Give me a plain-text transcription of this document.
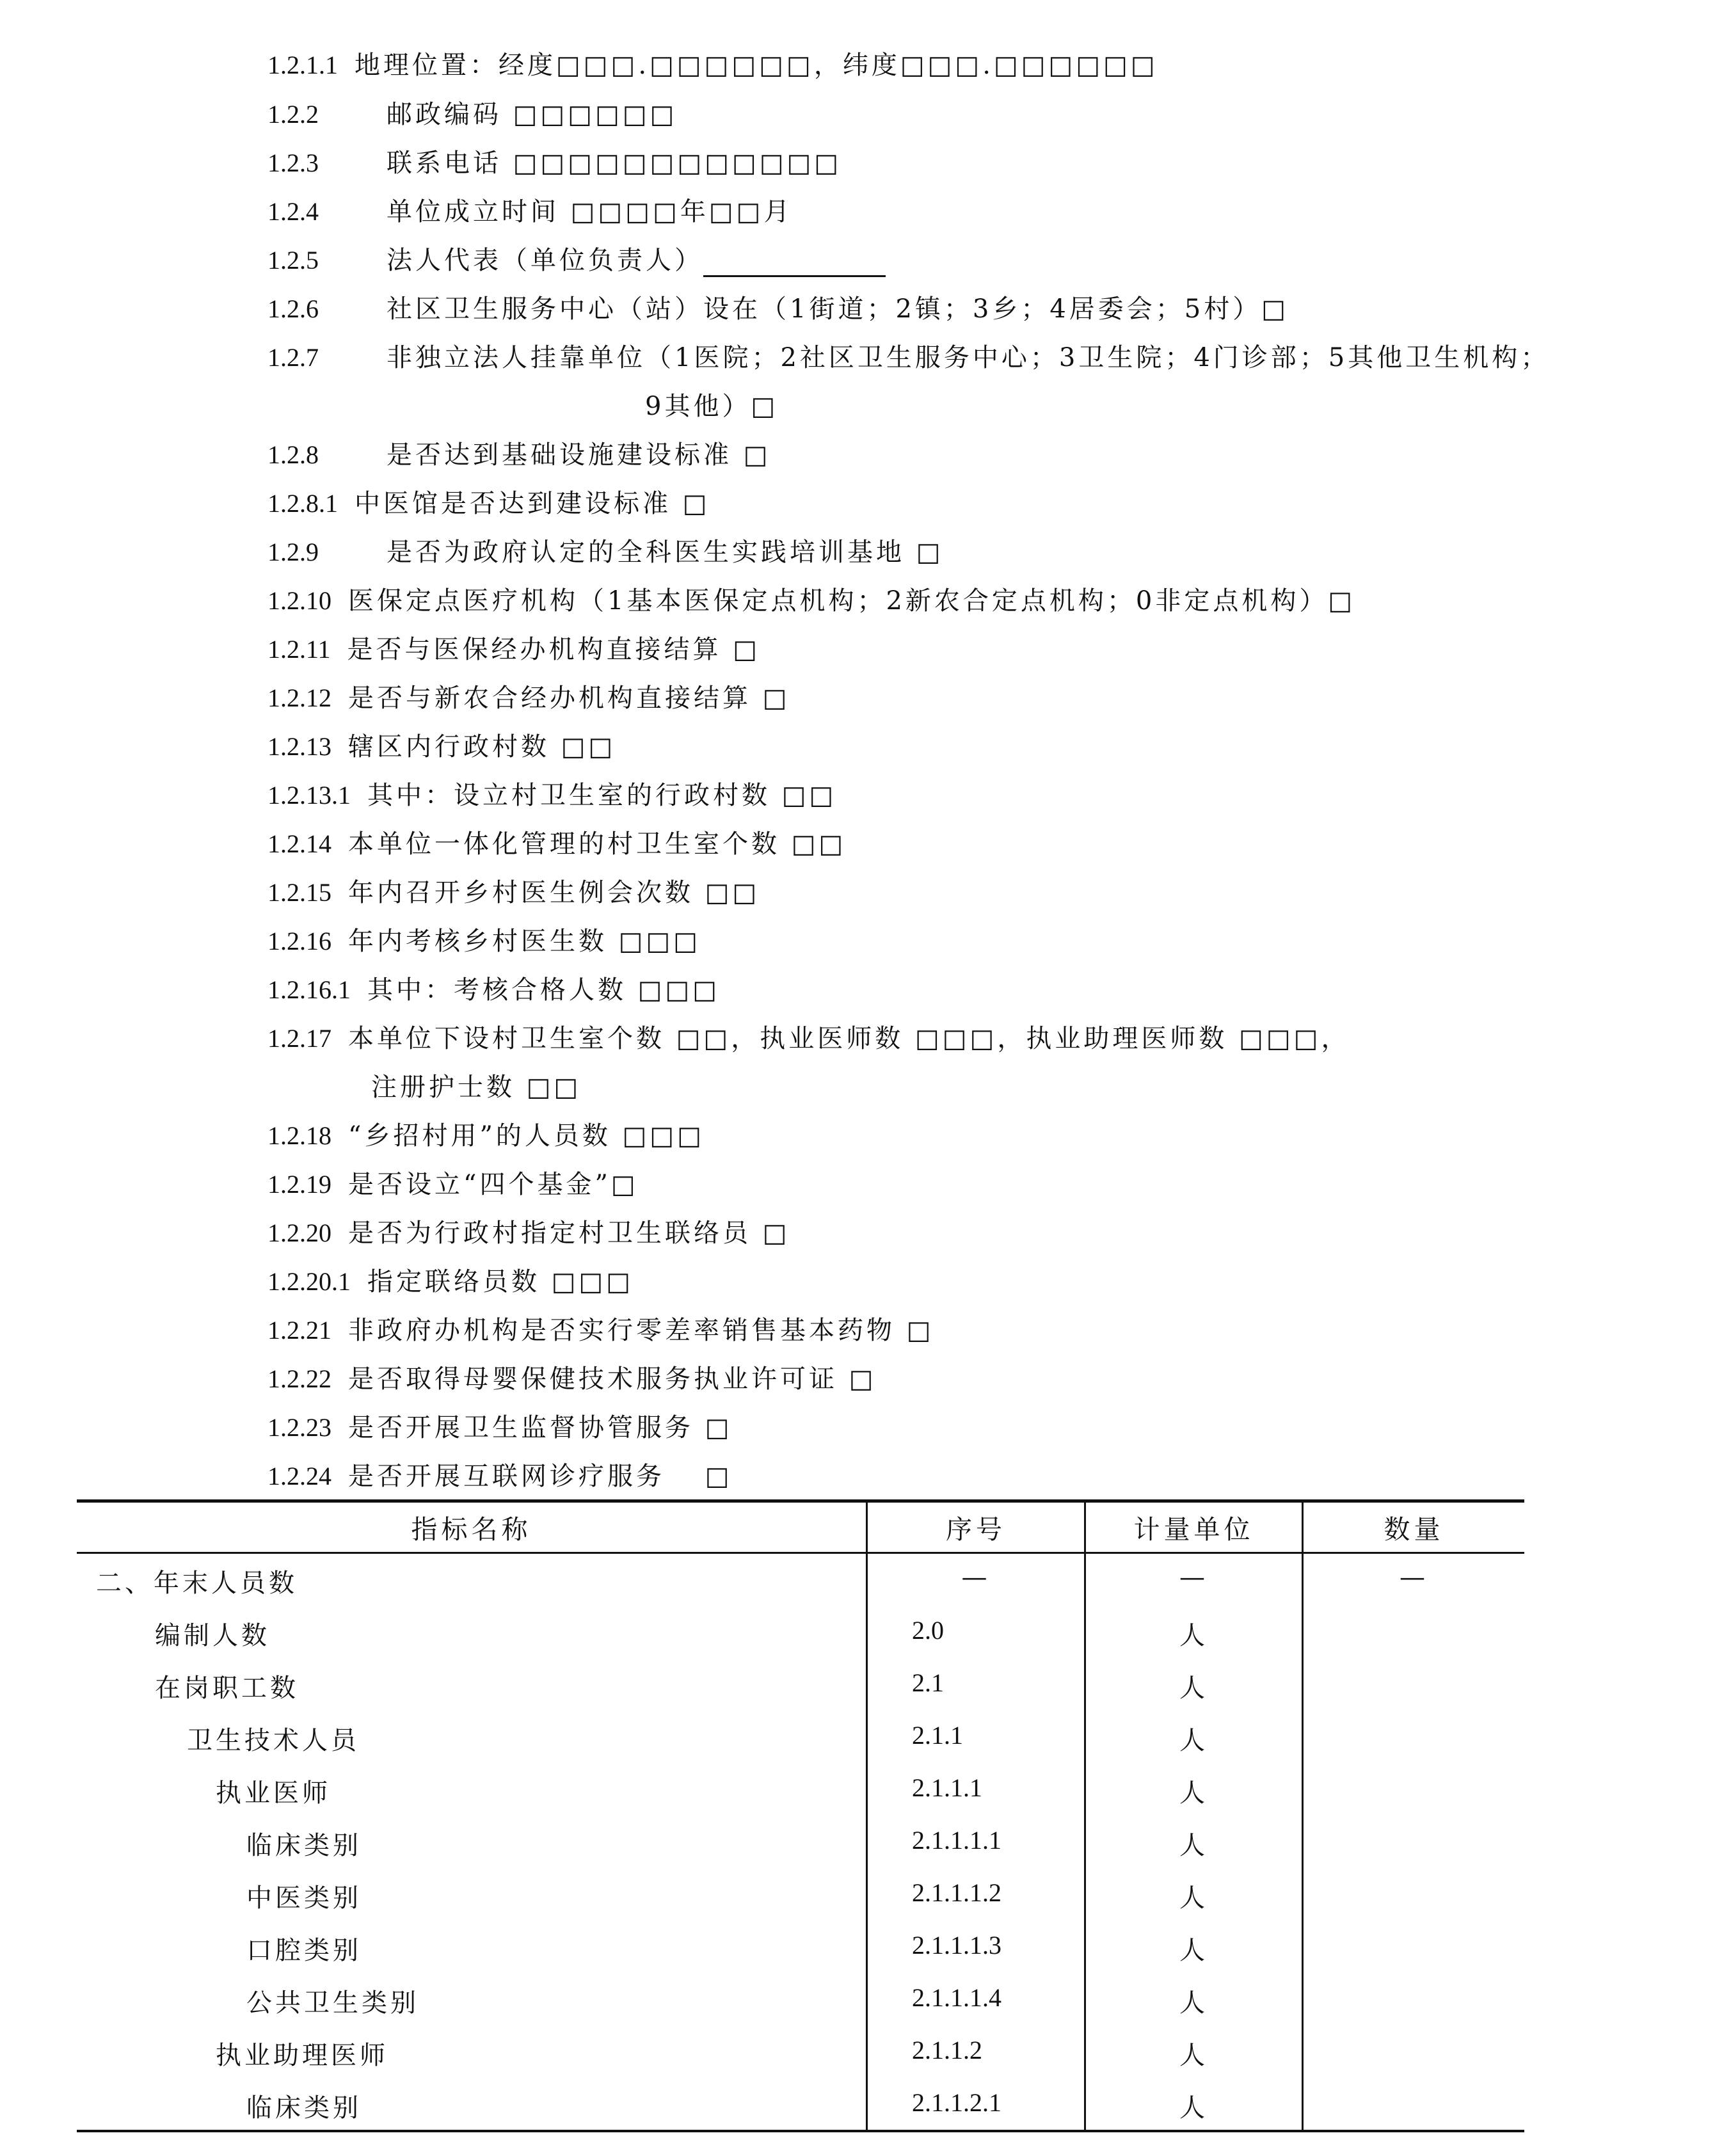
1.2.1.1 地理位置：经度□□□.□□□□□□，纬度□□□.□□□□□□
1.2.2	邮政编码 □□□□□□
1.2.3	联系电话 □□□□□□□□□□□□
1.2.4	单位成立时间 □□□□年□□月
1.2.5	法人代表（单位负责人）
1.2.6	社区卫生服务中心（站）设在（1街道；2镇；3乡；4居委会；5村）□
1.2.7	非独立法人挂靠单位（1医院；2社区卫生服务中心；3卫生院；4门诊部；5其他卫生机构；
9其他）□
1.2.8	是否达到基础设施建设标准 □
1.2.8.1 中医馆是否达到建设标准 □
1.2.9	是否为政府认定的全科医生实践培训基地 □
1.2.10 医保定点医疗机构（1基本医保定点机构；2新农合定点机构；0非定点机构）□
1.2.11 是否与医保经办机构直接结算 □
1.2.12 是否与新农合经办机构直接结算 □
1.2.13 辖区内行政村数 □□
1.2.13.1 其中：设立村卫生室的行政村数 □□
1.2.14 本单位一体化管理的村卫生室个数 □□
1.2.15 年内召开乡村医生例会次数 □□
1.2.16 年内考核乡村医生数 □□□
1.2.16.1 其中：考核合格人数 □□□
1.2.17 本单位下设村卫生室个数 □□，执业医师数 □□□，执业助理医师数 □□□，
注册护士数 □□
1.2.18 “乡招村用”的人员数 □□□
1.2.19 是否设立“四个基金”□
1.2.20 是否为行政村指定村卫生联络员 □
1.2.20.1 指定联络员数 □□□
1.2.21 非政府办机构是否实行零差率销售基本药物 □
1.2.22 是否取得母婴保健技术服务执业许可证 □
1.2.23 是否开展卫生监督协管服务 □
1.2.24 是否开展互联网诊疗服务　 □
指标名称	序号	计量单位	数量
二、年末人员数	—	—	—
编制人数	2.0	人
在岗职工数	2.1	人
卫生技术人员	2.1.1	人
执业医师	2.1.1.1	人
临床类别	2.1.1.1.1	人
中医类别	2.1.1.1.2	人
口腔类别	2.1.1.1.3	人
公共卫生类别	2.1.1.1.4	人
执业助理医师	2.1.1.2	人
临床类别	2.1.1.2.1	人
